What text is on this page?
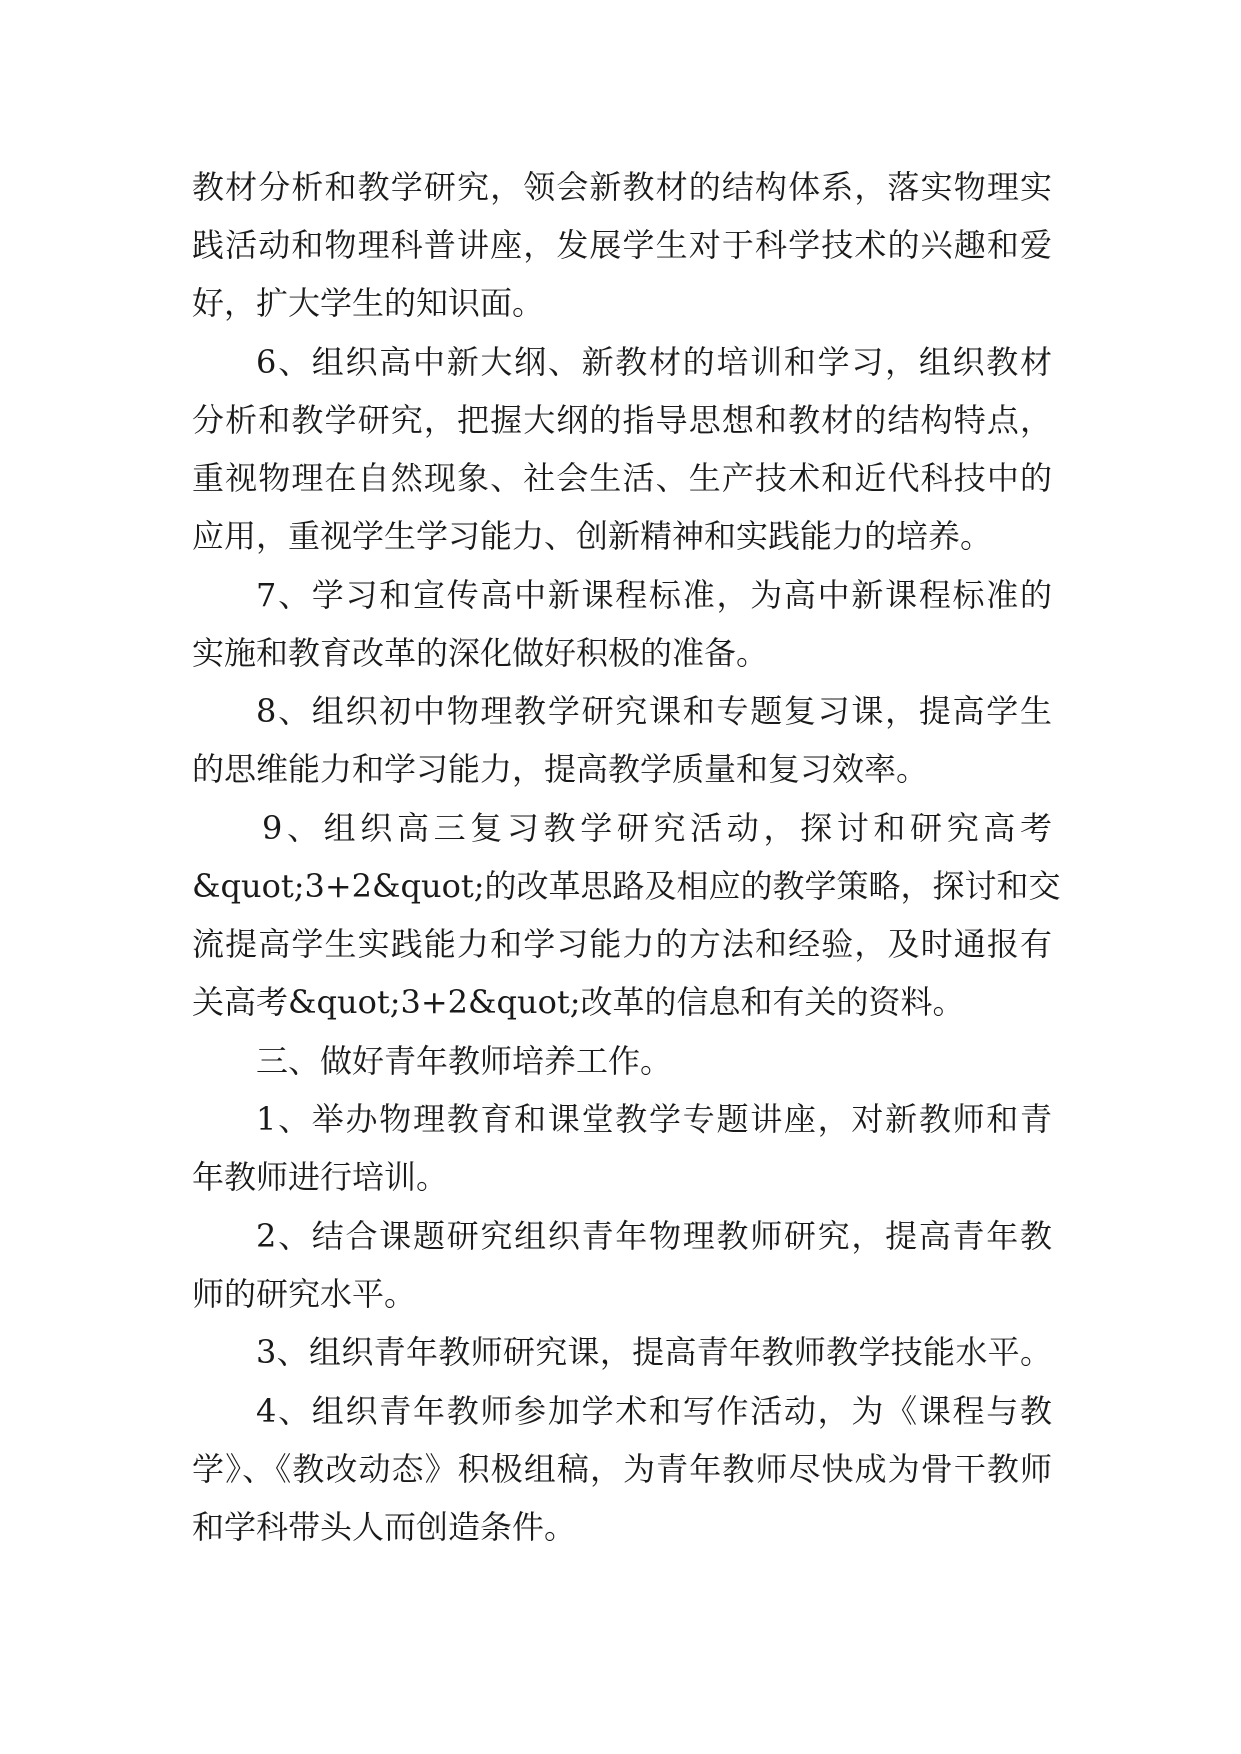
教材分析和教学研究，领会新教材的结构体系，落实物理实

践活动和物理科普讲座，发展学生对于科学技术的兴趣和爱

好，扩大学生的知识面。

6、组织高中新大纲、新教材的培训和学习，组织教材

分析和教学研究，把握大纲的指导思想和教材的结构特点，

重视物理在自然现象、社会生活、生产技术和近代科技中的

应用，重视学生学习能力、创新精神和实践能力的培养。

7、学习和宣传高中新课程标准，为高中新课程标准的

实施和教育改革的深化做好积极的准备。

8、组织初中物理教学研究课和专题复习课，提高学生

的思维能力和学习能力，提高教学质量和复习效率。

9、组织高三复习教学研究活动，探讨和研究高考

&quot;3+2&quot;的改革思路及相应的教学策略，探讨和交

流提高学生实践能力和学习能力的方法和经验，及时通报有

关高考&quot;3+2&quot;改革的信息和有关的资料。

三、做好青年教师培养工作。

1、举办物理教育和课堂教学专题讲座，对新教师和青

年教师进行培训。

2、结合课题研究组织青年物理教师研究，提高青年教

师的研究水平。

3、组织青年教师研究课，提高青年教师教学技能水平。

4、组织青年教师参加学术和写作活动，为《课程与教

学》、《教改动态》积极组稿，为青年教师尽快成为骨干教师

和学科带头人而创造条件。
